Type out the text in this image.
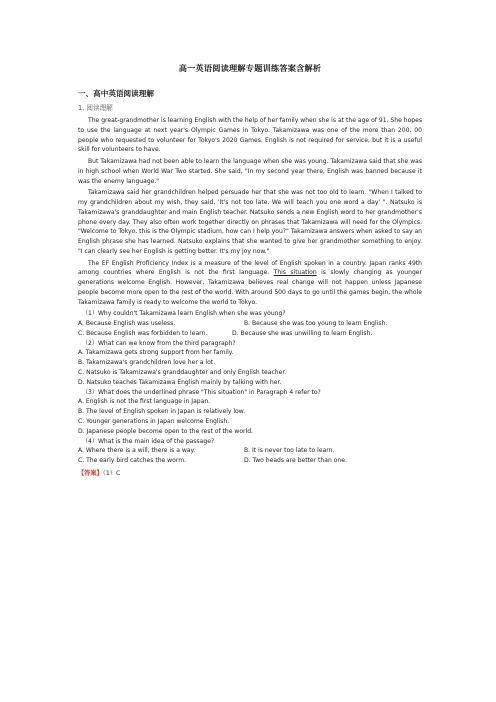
高一英语阅读理解专题训练答案含解析
一、高中英语阅读理解
1. 阅读理解

The great-grandmother is learning English with the help of her family when she is at the age of 91. She hopes to use the language at next year's Olympic Games in Tokyo. Takamizawa was one of the more than 200, 00 people who requested to volunteer for Tokyo's 2020 Games. English is not required for service, but it is a useful skill for volunteers to have.

But Takamizawa had not been able to learn the language when she was young. Takamizawa said that she was in high school when World War Two started. She said, "In my second year there, English was banned because it was the enemy language."

Takamizawa said her grandchildren helped persuade her that she was not too old to learn. "When I talked to my grandchildren about my wish, they said, 'It's not too late. We will teach you one word a day' ". Natsuko is Takamizawa's granddaughter and main English teacher. Natsuko sends a new English word to her grandmother's phone every day. They also often work together directly on phrases that Takamizawa will need for the Olympics. "Welcome to Tokyo, this is the Olympic stadium, how can I help you?" Takamizawa answers when asked to say an English phrase she has learned. Natsuko explains that she wanted to give her grandmother something to enjoy. "I can clearly see her English is getting better. It's my joy now."

The EF English Proficiency Index is a measure of the level of English spoken in a country. Japan ranks 49th among countries where English is not the first language. This situation is slowly changing as younger generations welcome English. However, Takamizawa believes real change will not happen unless Japanese people become more open to the rest of the world. With around 500 days to go until the games begin, the whole Takamizawa family is ready to welcome the world to Tokyo.

（1）Why couldn't Takamizawa learn English when she was young?
A. Because English was useless.	B. Because she was too young to learn English.
C. Because English was forbidden to learn.	D. Because she was unwilling to learn English.
（2）What can we know from the third paragraph?
A. Takamizawa gets strong support from her family.
B. Takamizawa's grandchildren love her a lot.
C. Natsuko is Takamizawa's granddaughter and only English teacher.
D. Natsuko teaches Takamizawa English mainly by talking with her.
（3）What does the underlined phrase "This situation" in Paragraph 4 refer to?
A. English is not the first language in Japan.
B. The level of English spoken in Japan is relatively low.
C. Younger generations in Japan welcome English.
D. Japanese people become open to the rest of the world.
（4）What is the main idea of the passage?
A. Where there is a will, there is a way.	B. It is never too late to learn.
C. The early bird catches the worm.	D. Two heads are better than one.
【答案】（1）C
